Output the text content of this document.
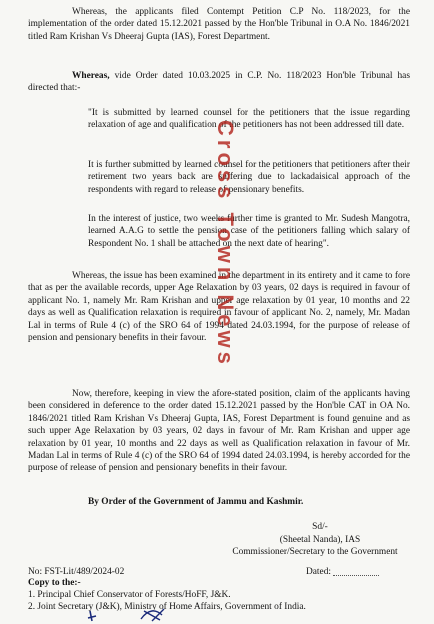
Whereas, the applicants filed Contempt Petition C.P No. 118/2023, for the implementation of the order dated 15.12.2021 passed by the Hon'ble Tribunal in O.A No. 1846/2021 titled Ram Krishan Vs Dheeraj Gupta (IAS), Forest Department.

Whereas, vide Order dated 10.03.2025 in C.P. No. 118/2023 Hon'ble Tribunal has directed that:-

"It is submitted by learned counsel for the petitioners that the issue regarding relaxation of age and qualification of the petitioners has not been addressed till date.

It is further submitted by learned counsel for the petitioners that petitioners after their retirement two years back are suffering due to lackadaisical approach of the respondents with regard to release of pensionary benefits.

In the interest of justice, two weeks further time is granted to Mr. Sudesh Mangotra, learned A.A.G to settle the pension case of the petitioners falling which salary of Respondent No. 1 shall be attached on the next date of hearing".

Whereas, the issue has been examined in the department in its entirety and it came to fore that as per the available records, upper Age Relaxation by 03 years, 02 days is required in favour of applicant No. 1, namely Mr. Ram Krishan and upper age relaxation by 01 year, 10 months and 22 days as well as Qualification relaxation is required in favour of applicant No. 2, namely, Mr. Madan Lal in terms of Rule 4 (c) of the SRO 64 of 1994 dated 24.03.1994, for the purpose of release of pension and pensionary benefits in their favour.

Now, therefore, keeping in view the afore-stated position, claim of the applicants having been considered in deference to the order dated 15.12.2021 passed by the Hon'ble CAT in OA No. 1846/2021 titled Ram Krishan Vs Dheeraj Gupta, IAS, Forest Department is found genuine and as such upper Age Relaxation by 03 years, 02 days in favour of Mr. Ram Krishan and upper age relaxation by 01 year, 10 months and 22 days as well as Qualification relaxation in favour of Mr. Madan Lal in terms of Rule 4 (c) of the SRO 64 of 1994 dated 24.03.1994, is hereby accorded for the purpose of release of pension and pensionary benefits in their favour.

By Order of the Government of Jammu and Kashmir.

Sd/-
(Sheetal Nanda), IAS
Commissioner/Secretary to the Government
No: FST-Lit/489/2024-02	Dated:
Copy to the:-
1. Principal Chief Conservator of Forests/HoFF, J&K.
2. Joint Secretary (J&K), Ministry of Home Affairs, Government of India.
Cross Town News
